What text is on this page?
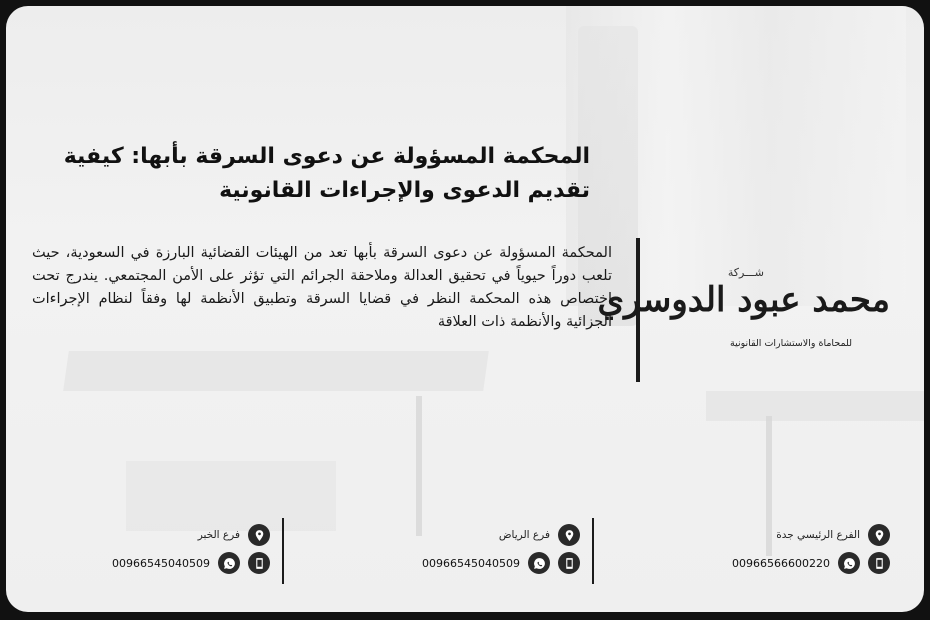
المحكمة المسؤولة عن دعوى السرقة بأبها: كيفية تقديم الدعوى والإجراءات القانونية

المحكمة المسؤولة عن دعوى السرقة بأبها تعد من الهيئات القضائية البارزة في السعودية، حيث تلعب دوراً حيوياً في تحقيق العدالة وملاحقة الجرائم التي تؤثر على الأمن المجتمعي. يندرج تحت اختصاص هذه المحكمة النظر في قضايا السرقة وتطبيق الأنظمة لها وفقاً لنظام الإجراءات الجزائية والأنظمة ذات العلاقة

شـــركة
محمد عبود الدوسري
للمحاماة والاستشارات القانونية
الفرع الرئيسي جدة
00966566600220
فرع الرياض
00966545040509
فرع الخبر
00966545040509
